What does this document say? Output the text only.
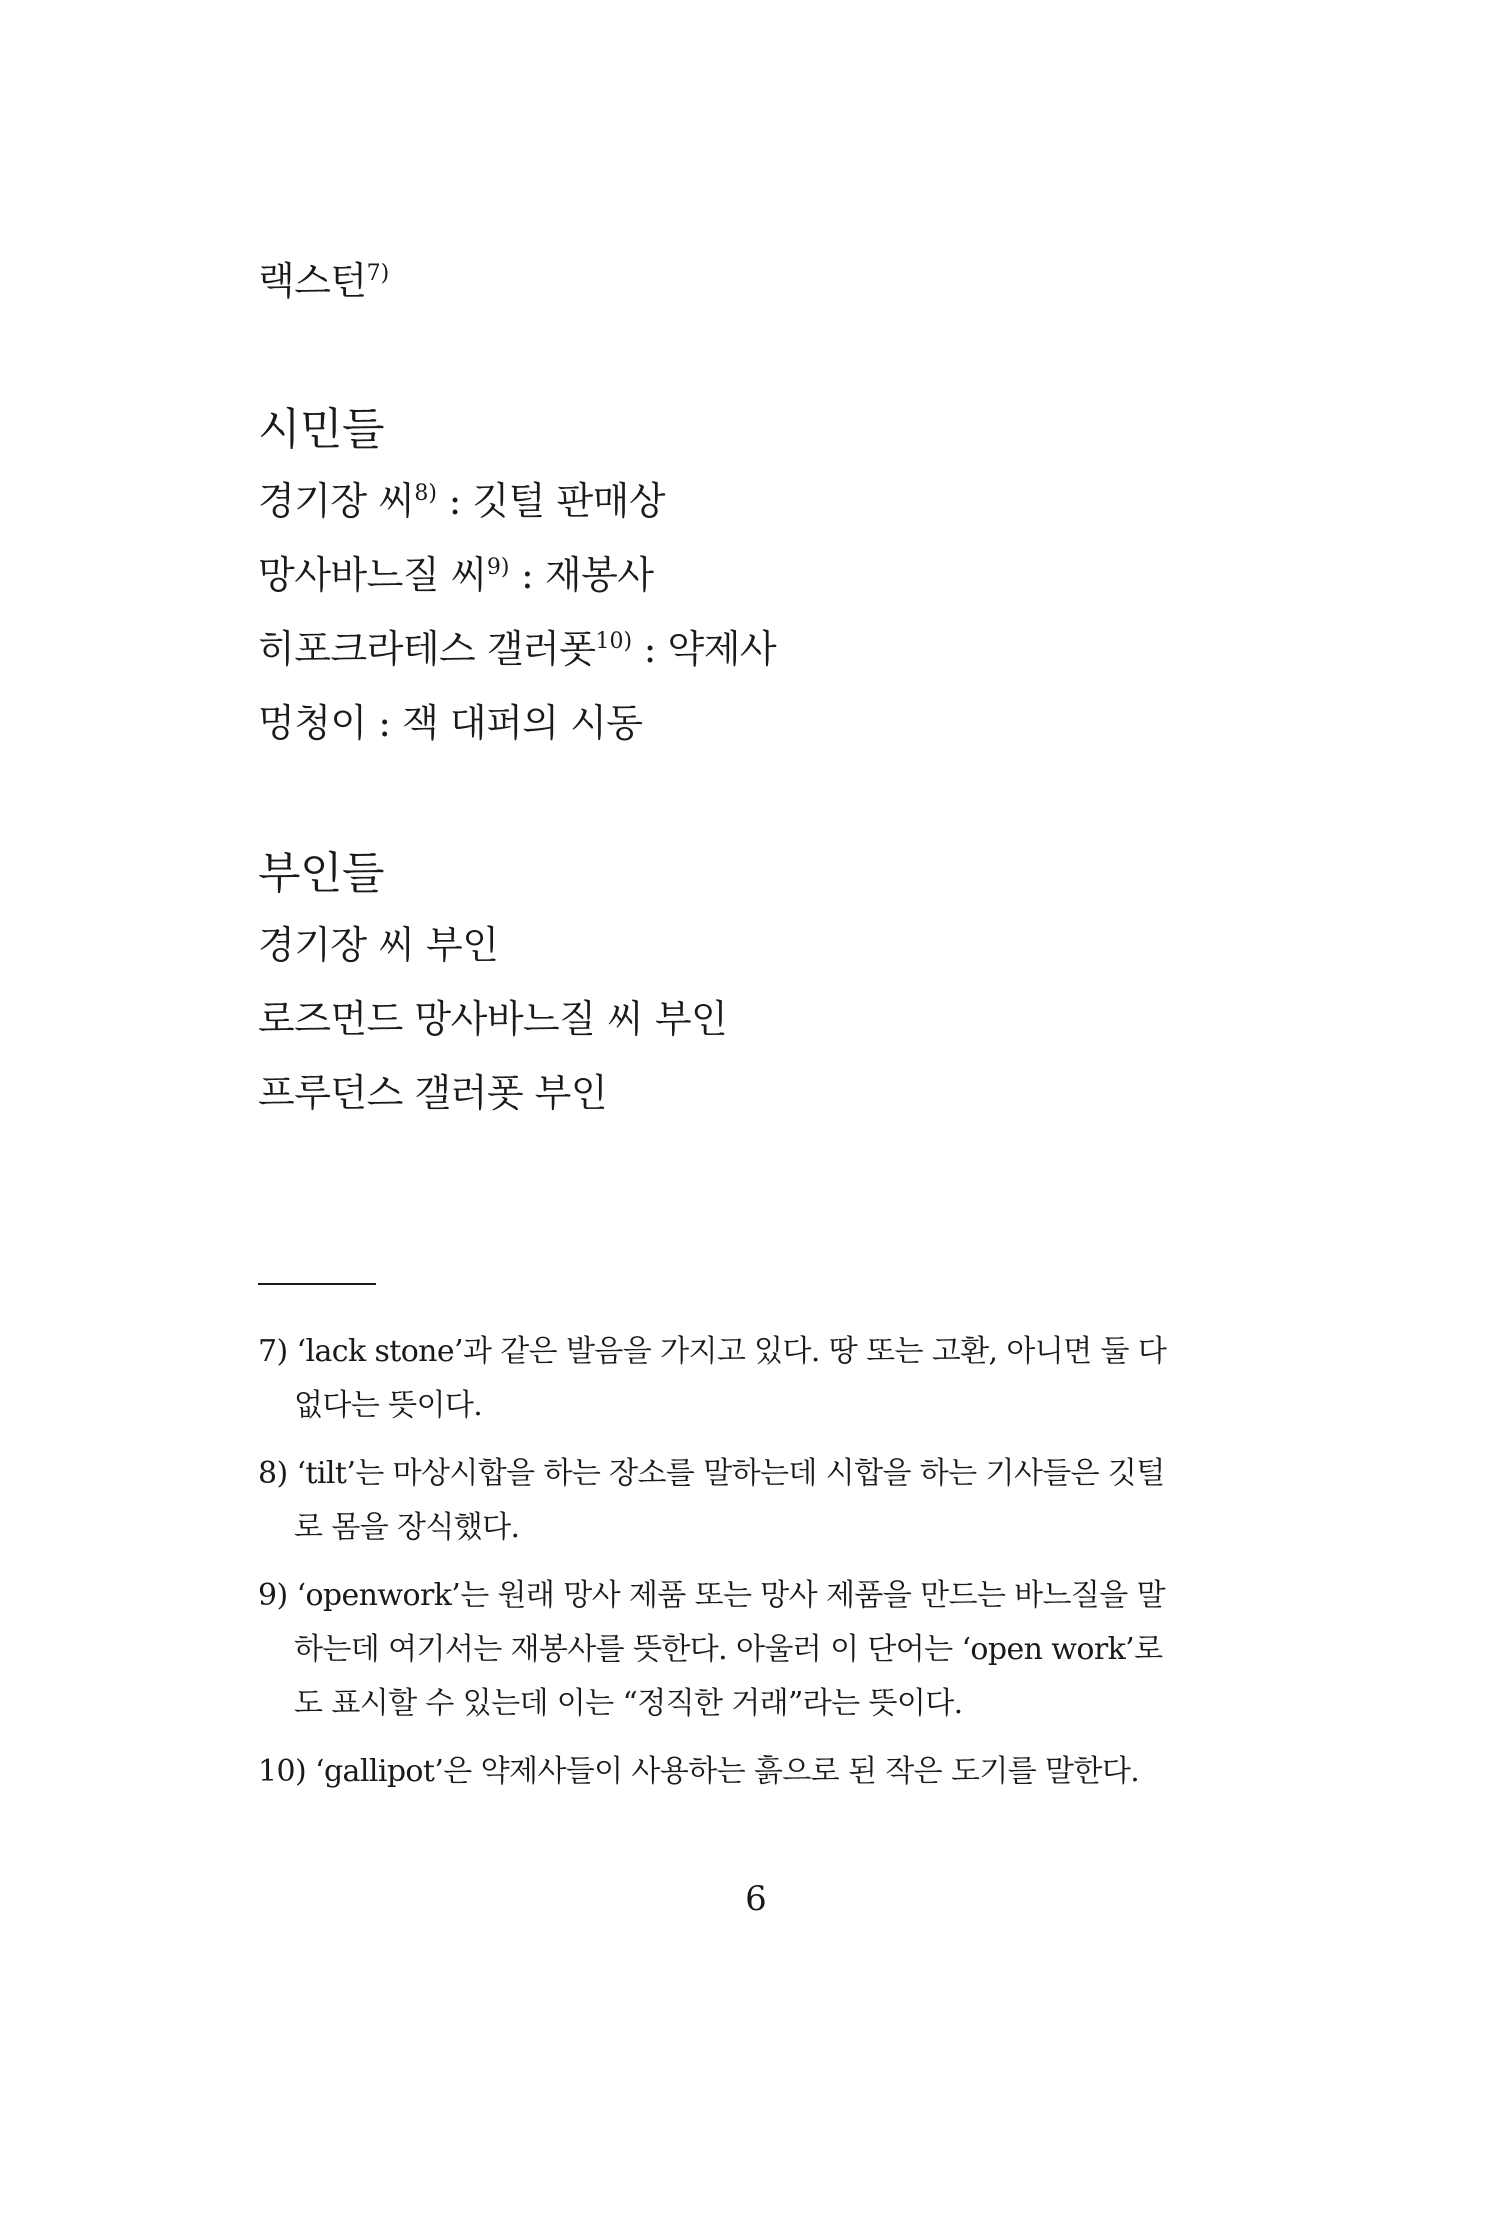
랙스턴$^{7)}$
시민들
경기장 씨$^{8)}$ : 깃털 판매상
망사바느질 씨$^{9)}$ : 재봉사
히포크라테스 갤러폿$^{10)}$ : 약제사
멍청이 : 잭 대퍼의 시동
부인들
경기장 씨 부인
로즈먼드 망사바느질 씨 부인
프루던스 갤러폿 부인
7) ‘lack stone’과 같은 발음을 가지고 있다. 땅 또는 고환, 아니면 둘 다
없다는 뜻이다.
8) ‘tilt’는 마상시합을 하는 장소를 말하는데 시합을 하는 기사들은 깃털
로 몸을 장식했다.
9) ‘openwork’는 원래 망사 제품 또는 망사 제품을 만드는 바느질을 말
하는데 여기서는 재봉사를 뜻한다. 아울러 이 단어는 ‘open work’로
도 표시할 수 있는데 이는 “정직한 거래”라는 뜻이다.
10) ‘gallipot’은 약제사들이 사용하는 흙으로 된 작은 도기를 말한다.
6
